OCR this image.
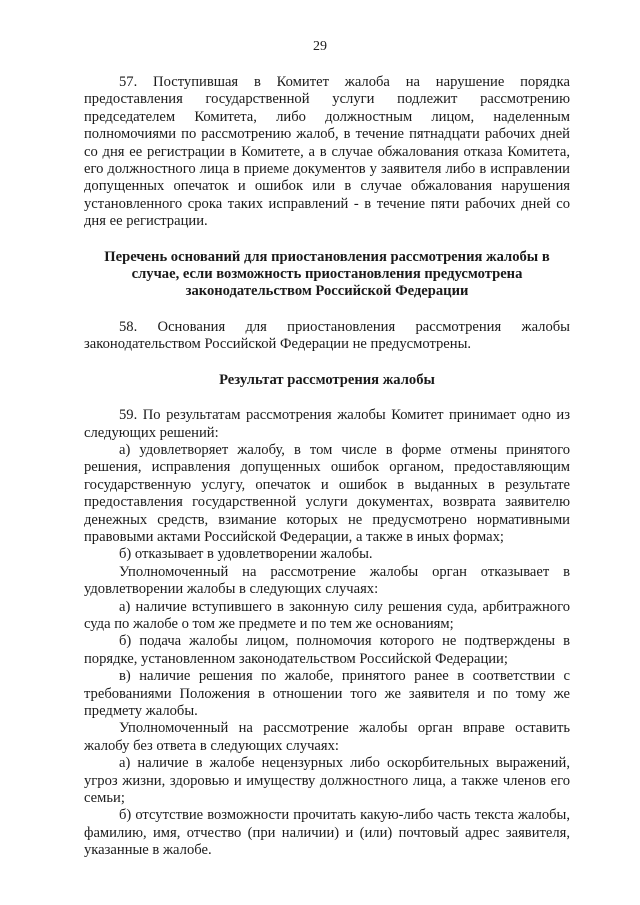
29

57. Поступившая в Комитет жалоба на нарушение порядка предоставления государственной услуги подлежит рассмотрению председателем Комитета, либо должностным лицом, наделенным полномочиями по рассмотрению жалоб, в течение пятнадцати рабочих дней со дня ее регистрации в Комитете, а в случае обжалования отказа Комитета, его должностного лица в приеме документов у заявителя либо в исправлении допущенных опечаток и ошибок или в случае обжалования нарушения установленного срока таких исправлений - в течение пяти рабочих дней со дня ее регистрации.

Перечень оснований для приостановления рассмотрения жалобы в случае, если возможность приостановления предусмотрена законодательством Российской Федерации

58. Основания для приостановления рассмотрения жалобы законодательством Российской Федерации не предусмотрены.

Результат рассмотрения жалобы

59. По результатам рассмотрения жалобы Комитет принимает одно из следующих решений:

а) удовлетворяет жалобу, в том числе в форме отмены принятого решения, исправления допущенных ошибок органом, предоставляющим государственную услугу, опечаток и ошибок в выданных в результате предоставления государственной услуги документах, возврата заявителю денежных средств, взимание которых не предусмотрено нормативными правовыми актами Российской Федерации, а также в иных формах;

б) отказывает в удовлетворении жалобы.

Уполномоченный на рассмотрение жалобы орган отказывает в удовлетворении жалобы в следующих случаях:

а) наличие вступившего в законную силу решения суда, арбитражного суда по жалобе о том же предмете и по тем же основаниям;

б) подача жалобы лицом, полномочия которого не подтверждены в порядке, установленном законодательством Российской Федерации;

в) наличие решения по жалобе, принятого ранее в соответствии с требованиями Положения в отношении того же заявителя и по тому же предмету жалобы.

Уполномоченный на рассмотрение жалобы орган вправе оставить жалобу без ответа в следующих случаях:

а) наличие в жалобе нецензурных либо оскорбительных выражений, угроз жизни, здоровью и имуществу должностного лица, а также членов его семьи;

б) отсутствие возможности прочитать какую-либо часть текста жалобы, фамилию, имя, отчество (при наличии) и (или) почтовый адрес заявителя, указанные в жалобе.
